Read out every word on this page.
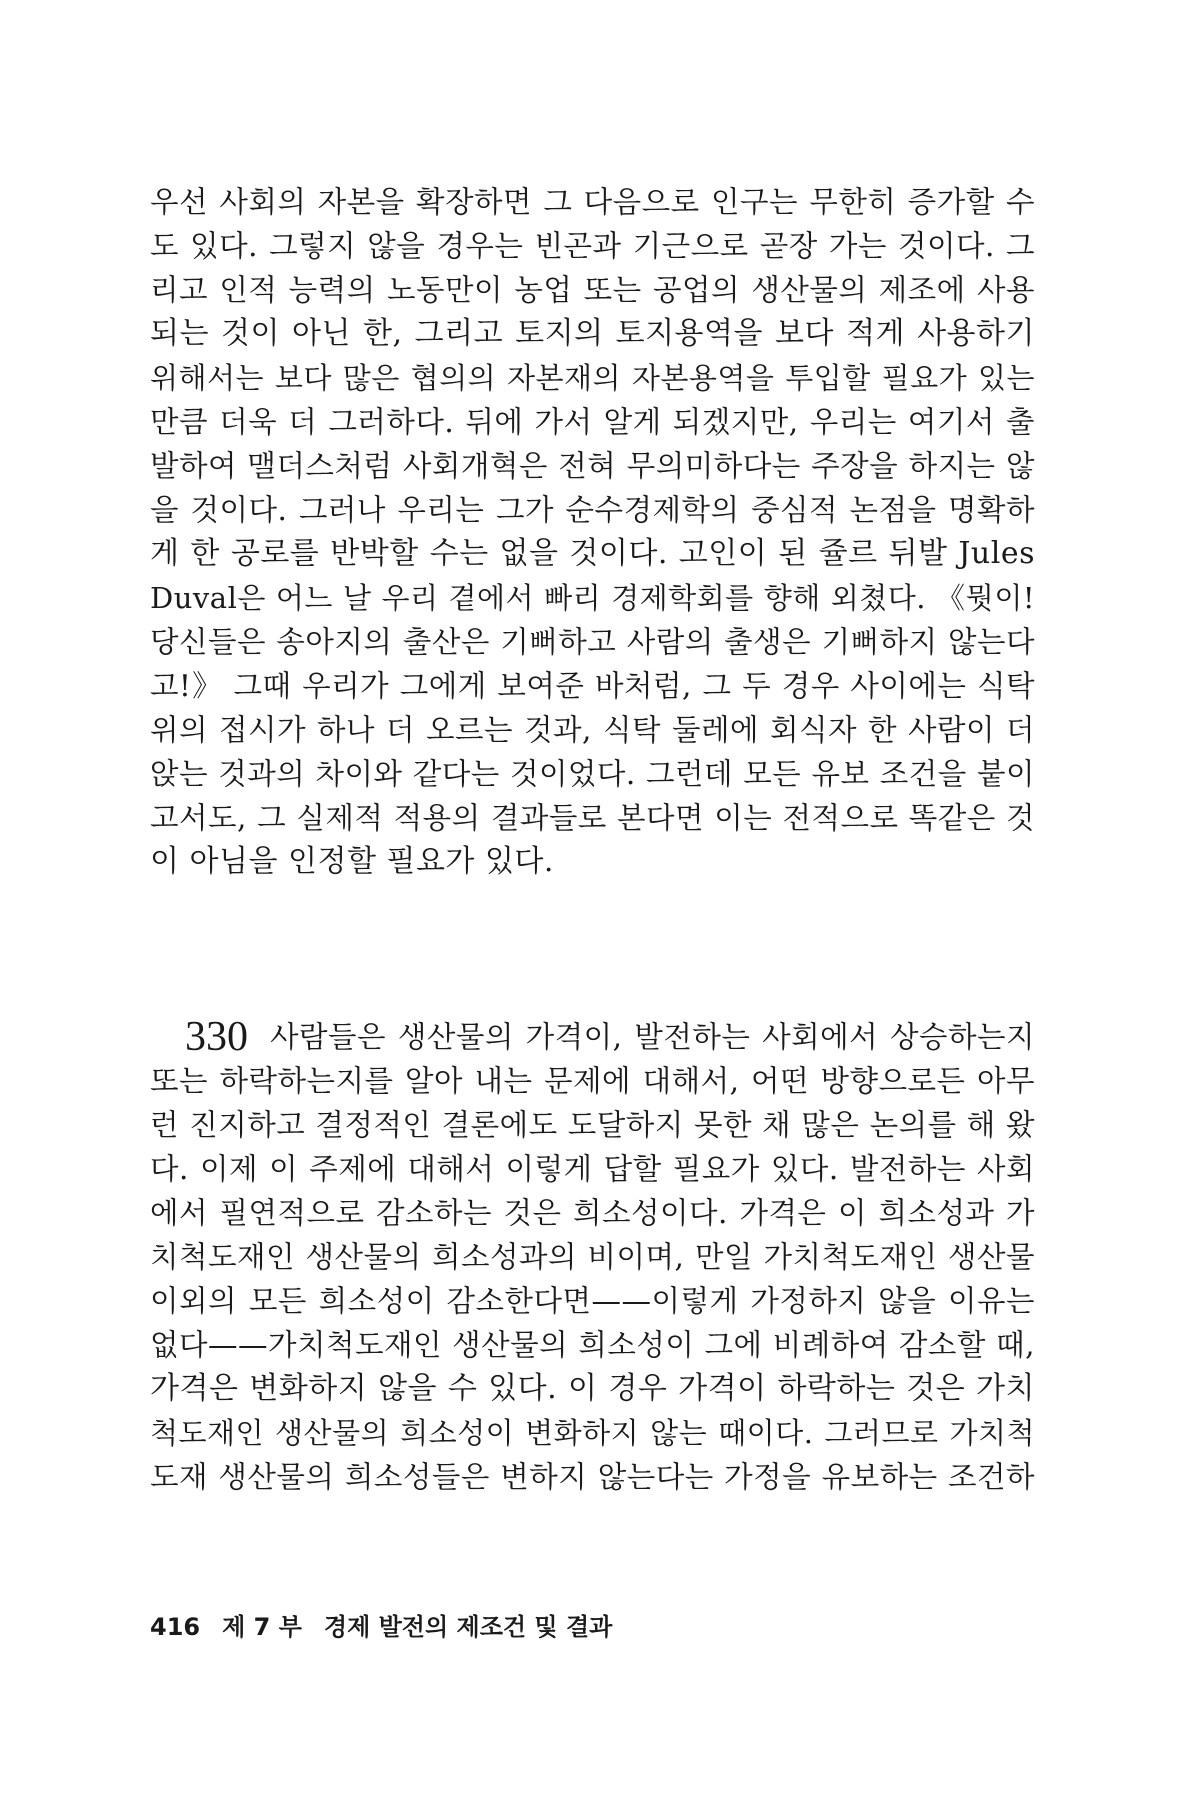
우선 사회의 자본을 확장하면 그 다음으로 인구는 무한히 증가할 수
도 있다. 그렇지 않을 경우는 빈곤과 기근으로 곧장 가는 것이다. 그
리고 인적 능력의 노동만이 농업 또는 공업의 생산물의 제조에 사용
되는 것이 아닌 한, 그리고 토지의 토지용역을 보다 적게 사용하기
위해서는 보다 많은 협의의 자본재의 자본용역을 투입할 필요가 있는
만큼 더욱 더 그러하다. 뒤에 가서 알게 되겠지만, 우리는 여기서 출
발하여 맬더스처럼 사회개혁은 전혀 무의미하다는 주장을 하지는 않
을 것이다. 그러나 우리는 그가 순수경제학의 중심적 논점을 명확하
게 한 공로를 반박할 수는 없을 것이다. 고인이 된 쥴르 뒤발 Jules
Duval은 어느 날 우리 곁에서 빠리 경제학회를 향해 외쳤다. 《뭣이!
당신들은 송아지의 출산은 기뻐하고 사람의 출생은 기뻐하지 않는다
고!》 그때 우리가 그에게 보여준 바처럼, 그 두 경우 사이에는 식탁
위의 접시가 하나 더 오르는 것과, 식탁 둘레에 회식자 한 사람이 더
앉는 것과의 차이와 같다는 것이었다. 그런데 모든 유보 조건을 붙이
고서도, 그 실제적 적용의 결과들로 본다면 이는 전적으로 똑같은 것
이 아님을 인정할 필요가 있다.
330 사람들은 생산물의 가격이, 발전하는 사회에서 상승하는지
또는 하락하는지를 알아 내는 문제에 대해서, 어떤 방향으로든 아무
런 진지하고 결정적인 결론에도 도달하지 못한 채 많은 논의를 해 왔
다. 이제 이 주제에 대해서 이렇게 답할 필요가 있다. 발전하는 사회
에서 필연적으로 감소하는 것은 희소성이다. 가격은 이 희소성과 가
치척도재인 생산물의 희소성과의 비이며, 만일 가치척도재인 생산물
이외의 모든 희소성이 감소한다면——이렇게 가정하지 않을 이유는
없다——가치척도재인 생산물의 희소성이 그에 비례하여 감소할 때,
가격은 변화하지 않을 수 있다. 이 경우 가격이 하락하는 것은 가치
척도재인 생산물의 희소성이 변화하지 않는 때이다. 그러므로 가치척
도재 생산물의 희소성들은 변하지 않는다는 가정을 유보하는 조건하
416 제 7 부 경제 발전의 제조건 및 결과
